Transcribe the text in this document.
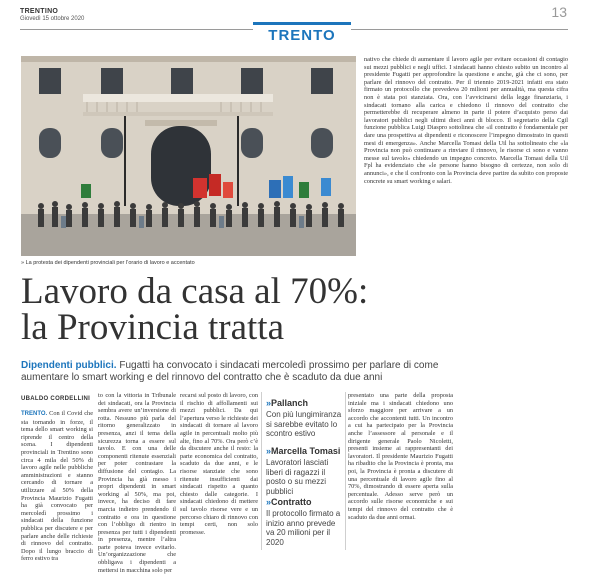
TRENTINO
Giovedì 15 ottobre 2020
TRENTO
13
» La protesta dei dipendenti provinciali per l’orario di lavoro e accentato
nativo che chiede di aumentare il lavoro agile per evitare occasioni di contagio sui mezzi pubblici e negli uffici. I sindacati hanno chiesto subito un incontro al presidente Fugatti per approfondire la questione e anche, già che ci sono, per parlare del rinnovo del contratto. Per il triennio 2019-2021 infatti era stato firmato un protocollo che prevedeva 20 milioni per annualità, ma questa cifra non è stata poi stanziata. Ora, con l’avvicinarsi della legge finanziaria, i sindacati tornano alla carica e chiedono il rinnovo del contratto che permetterebbe di recuperare almeno in parte il potere d’acquisto perso dai lavoratori pubblici negli ultimi dieci anni di blocco. Il segretario della Cgil funzione pubblica Luigi Diaspro sottolinea che «il contratto è fondamentale per dare una prospettiva ai dipendenti e riconoscere l’impegno dimostrato in questi mesi di emergenza». Anche Marcella Tomasi della Uil ha sottolineato che «la Provincia non può continuare a rinviare il rinnovo, le risorse ci sono e vanno messe sul tavolo» chiedendo un impegno concreto. Marcella Tomasi della Uil Fpl ha evidenziato che «le persone hanno bisogno di certezze, non solo di annunci», e che il confronto con la Provincia deve partire da subito con proposte concrete su smart working e salari.
Lavoro da casa al 70%:
la Provincia tratta
Dipendenti pubblici. Fugatti ha convocato i sindacati mercoledì prossimo per parlare di come aumentare lo smart working e del rinnovo del contratto che è scaduto da due anni
UBALDO CORDELLINI
TRENTO. Con il Covid che sta tornando in forze, il tema dello smart working si riprende il centro della scena. I dipendenti provinciali in Trentino sono circa 4 mila del 50% di lavoro agile nelle pubbliche amministrazioni e stanno cercando di tornare a utilizzare al 50% della Provincia Maurizio Fugatti ha già convocato per mercoledì prossimo i sindacati della funzione pubblica per discutere e per parlare anche delle richieste di rinnovo del contratto. Dopo il lungo braccio di ferro estivo tra
to con la vittoria in Tribunale dei sindacati, ora la Provincia sembra avere un’inversione di rotta. Nessuno più parla del ritorno generalizzato in presenza, anzi il tema della sicurezza torna a essere sul tavolo. E con una delle componenti ritenute essenziali per poter contrastare la diffusione del contagio. La Provincia ha già messo i propri dipendenti in smart working al 50%, ma poi, invece, ha deciso di fare marcia indietro prendendo il contratto e ora in questione con l’obbligo di rientro in presenza per tutti i dipendenti in presenza, mentre l’altra parte poteva invece evitarlo. Un’organizzazione che obbligava i dipendenti a mettersi in macchina solo per
recarsi sul posto di lavoro, con il rischio di affollamenti sui mezzi pubblici. Da qui l’apertura verso le richieste dei sindacati di tornare al lavoro agile in percentuali molto più alte, fino al 70%. Ora però c’è da discutere anche il resto: la parte economica del contratto, scaduto da due anni, e le risorse stanziate che sono ritenute insufficienti dai sindacati rispetto a quanto chiesto dalle categorie. I sindacati chiedono di mettere sul tavolo risorse vere e un percorso chiaro di rinnovo con tempi certi, non solo promesse.
»Pallanch
Con più lungimiranza si sarebbe evitato lo scontro estivo
»Marcella Tomasi
Lavoratori lasciati liberi di ragazzi il posto o su mezzi pubblici
»Contratto
Il protocollo firmato a inizio anno prevede va 20 milioni per il 2020
presentato una parte della proposta iniziale ma i sindacati chiedono uno sforzo maggiore per arrivare a un accordo che accontenti tutti. Un incontro a cui ha partecipato per la Provincia anche l’assessore al personale e il dirigente generale Paolo Nicoletti, presenti insieme ai rappresentanti dei lavoratori. Il presidente Maurizio Fugatti ha ribadito che la Provincia è pronta, ma poi, la Provincia è pronta a discutere di una percentuale di lavoro agile fino al 70%, dimostrando di essere aperta sulla percentuale. Adesso serve però un accordo sulle risorse economiche e sui tempi del rinnovo del contratto che è scaduto da due anni ormai.
